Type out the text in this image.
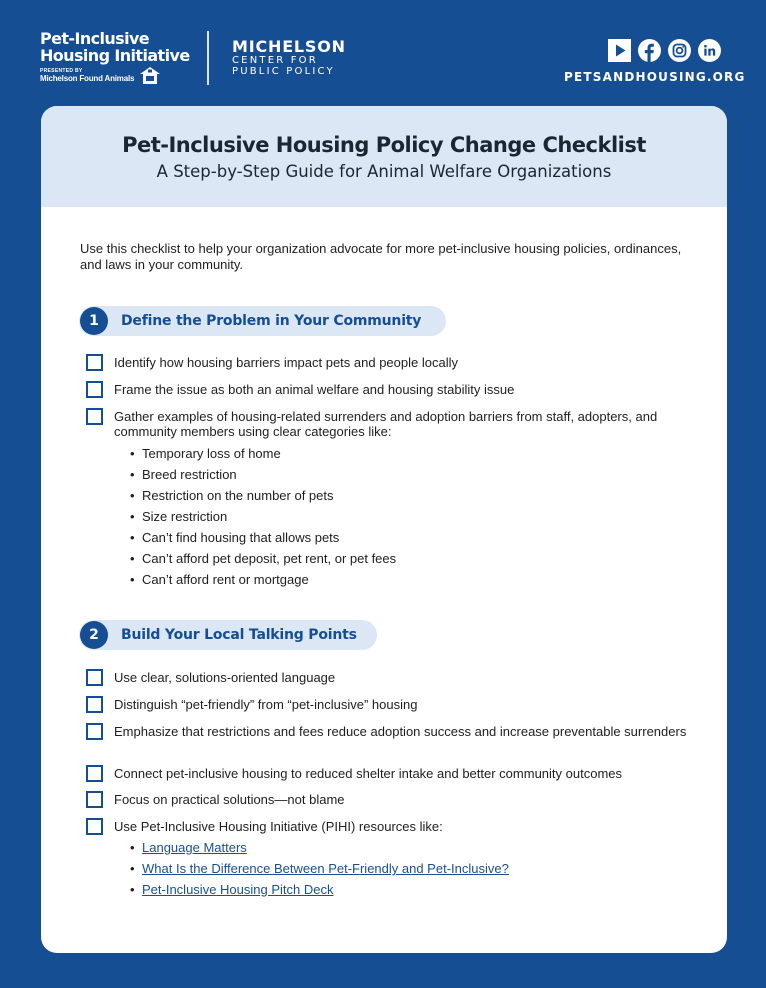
Pet-Inclusive
Housing Initiative
PRESENTED BY
Michelson Found Animals
MICHELSON
CENTER FOR
PUBLIC POLICY	PETSANDHOUSING.ORG
Pet-Inclusive Housing Policy Change Checklist
A Step-by-Step Guide for Animal Welfare Organizations

Use this checklist to help your organization advocate for more pet-inclusive housing policies, ordinances, and laws in your community.

1	Define the Problem in Your Community
Identify how housing barriers impact pets and people locally
Frame the issue as both an animal welfare and housing stability issue
Gather examples of housing-related surrenders and adoption barriers from staff, adopters, and community members using clear categories like:
• Temporary loss of home
• Breed restriction
• Restriction on the number of pets
• Size restriction
• Can’t find housing that allows pets
• Can’t afford pet deposit, pet rent, or pet fees
• Can’t afford rent or mortgage
2	Build Your Local Talking Points
Use clear, solutions-oriented language
Distinguish “pet-friendly” from “pet-inclusive” housing
Emphasize that restrictions and fees reduce adoption success and increase preventable surrenders
Connect pet-inclusive housing to reduced shelter intake and better community outcomes
Focus on practical solutions—not blame
Use Pet-Inclusive Housing Initiative (PIHI) resources like:
• Language Matters
• What Is the Difference Between Pet-Friendly and Pet-Inclusive?
• Pet-Inclusive Housing Pitch Deck
